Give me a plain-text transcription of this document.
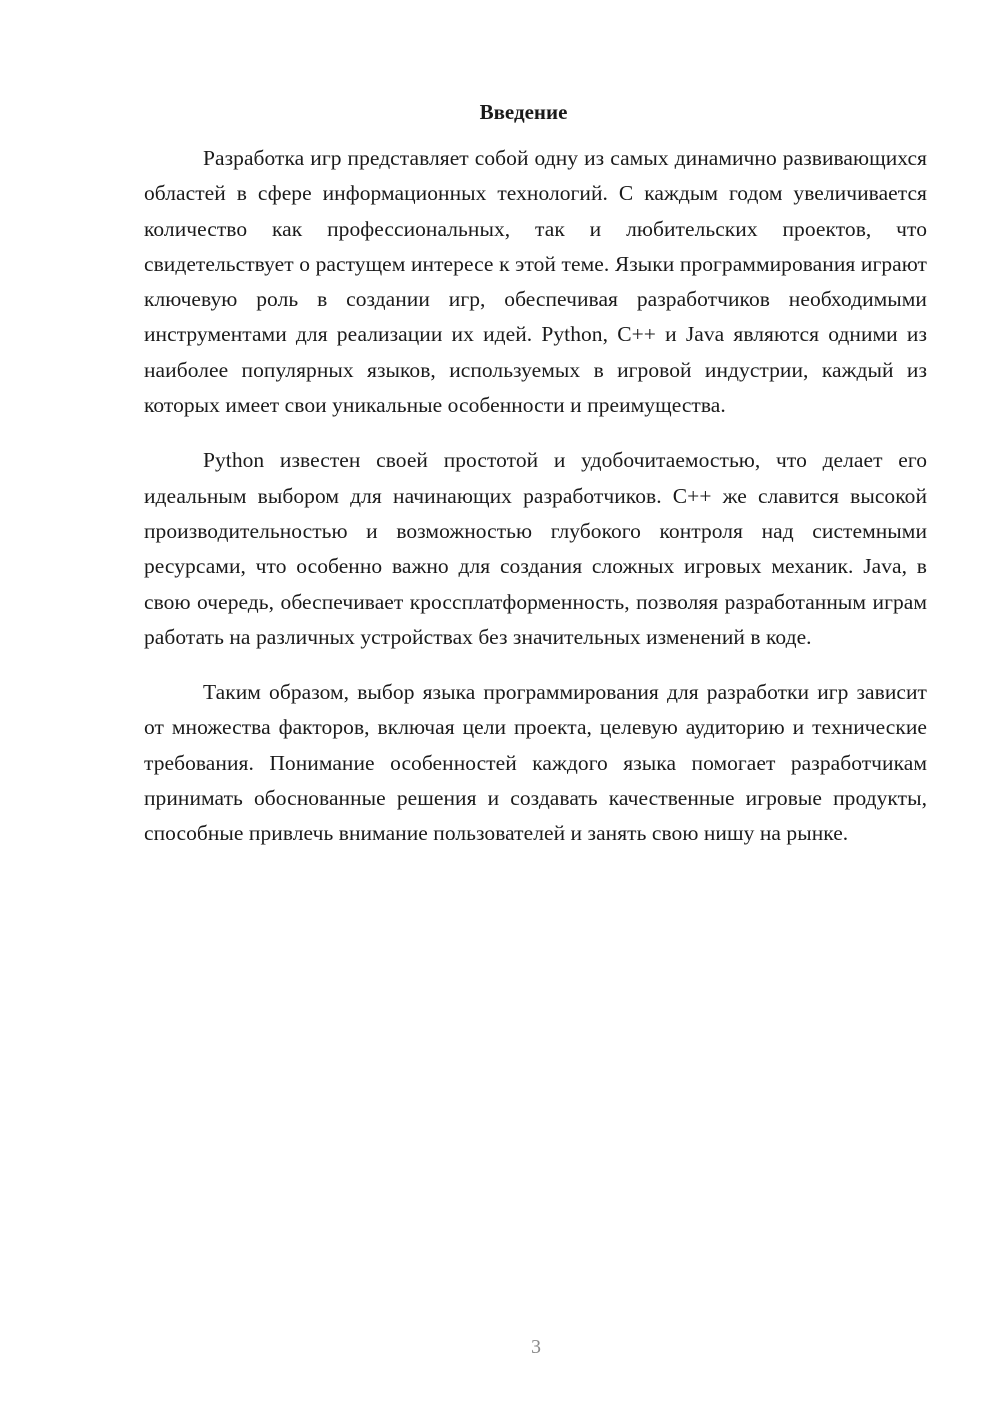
Введение

Разработка игр представляет собой одну из самых динамично развивающихся областей в сфере информационных технологий. С каждым годом увеличивается количество как профессиональных, так и любительских проектов, что свидетельствует о растущем интересе к этой теме. Языки программирования играют ключевую роль в создании игр, обеспечивая разработчиков необходимыми инструментами для реализации их идей. Python, C++ и Java являются одними из наиболее популярных языков, используемых в игровой индустрии, каждый из которых имеет свои уникальные особенности и преимущества.

Python известен своей простотой и удобочитаемостью, что делает его идеальным выбором для начинающих разработчиков. C++ же славится высокой производительностью и возможностью глубокого контроля над системными ресурсами, что особенно важно для создания сложных игровых механик. Java, в свою очередь, обеспечивает кроссплатформенность, позволяя разработанным играм работать на различных устройствах без значительных изменений в коде.

Таким образом, выбор языка программирования для разработки игр зависит от множества факторов, включая цели проекта, целевую аудиторию и технические требования. Понимание особенностей каждого языка помогает разработчикам принимать обоснованные решения и создавать качественные игровые продукты, способные привлечь внимание пользователей и занять свою нишу на рынке.

3
